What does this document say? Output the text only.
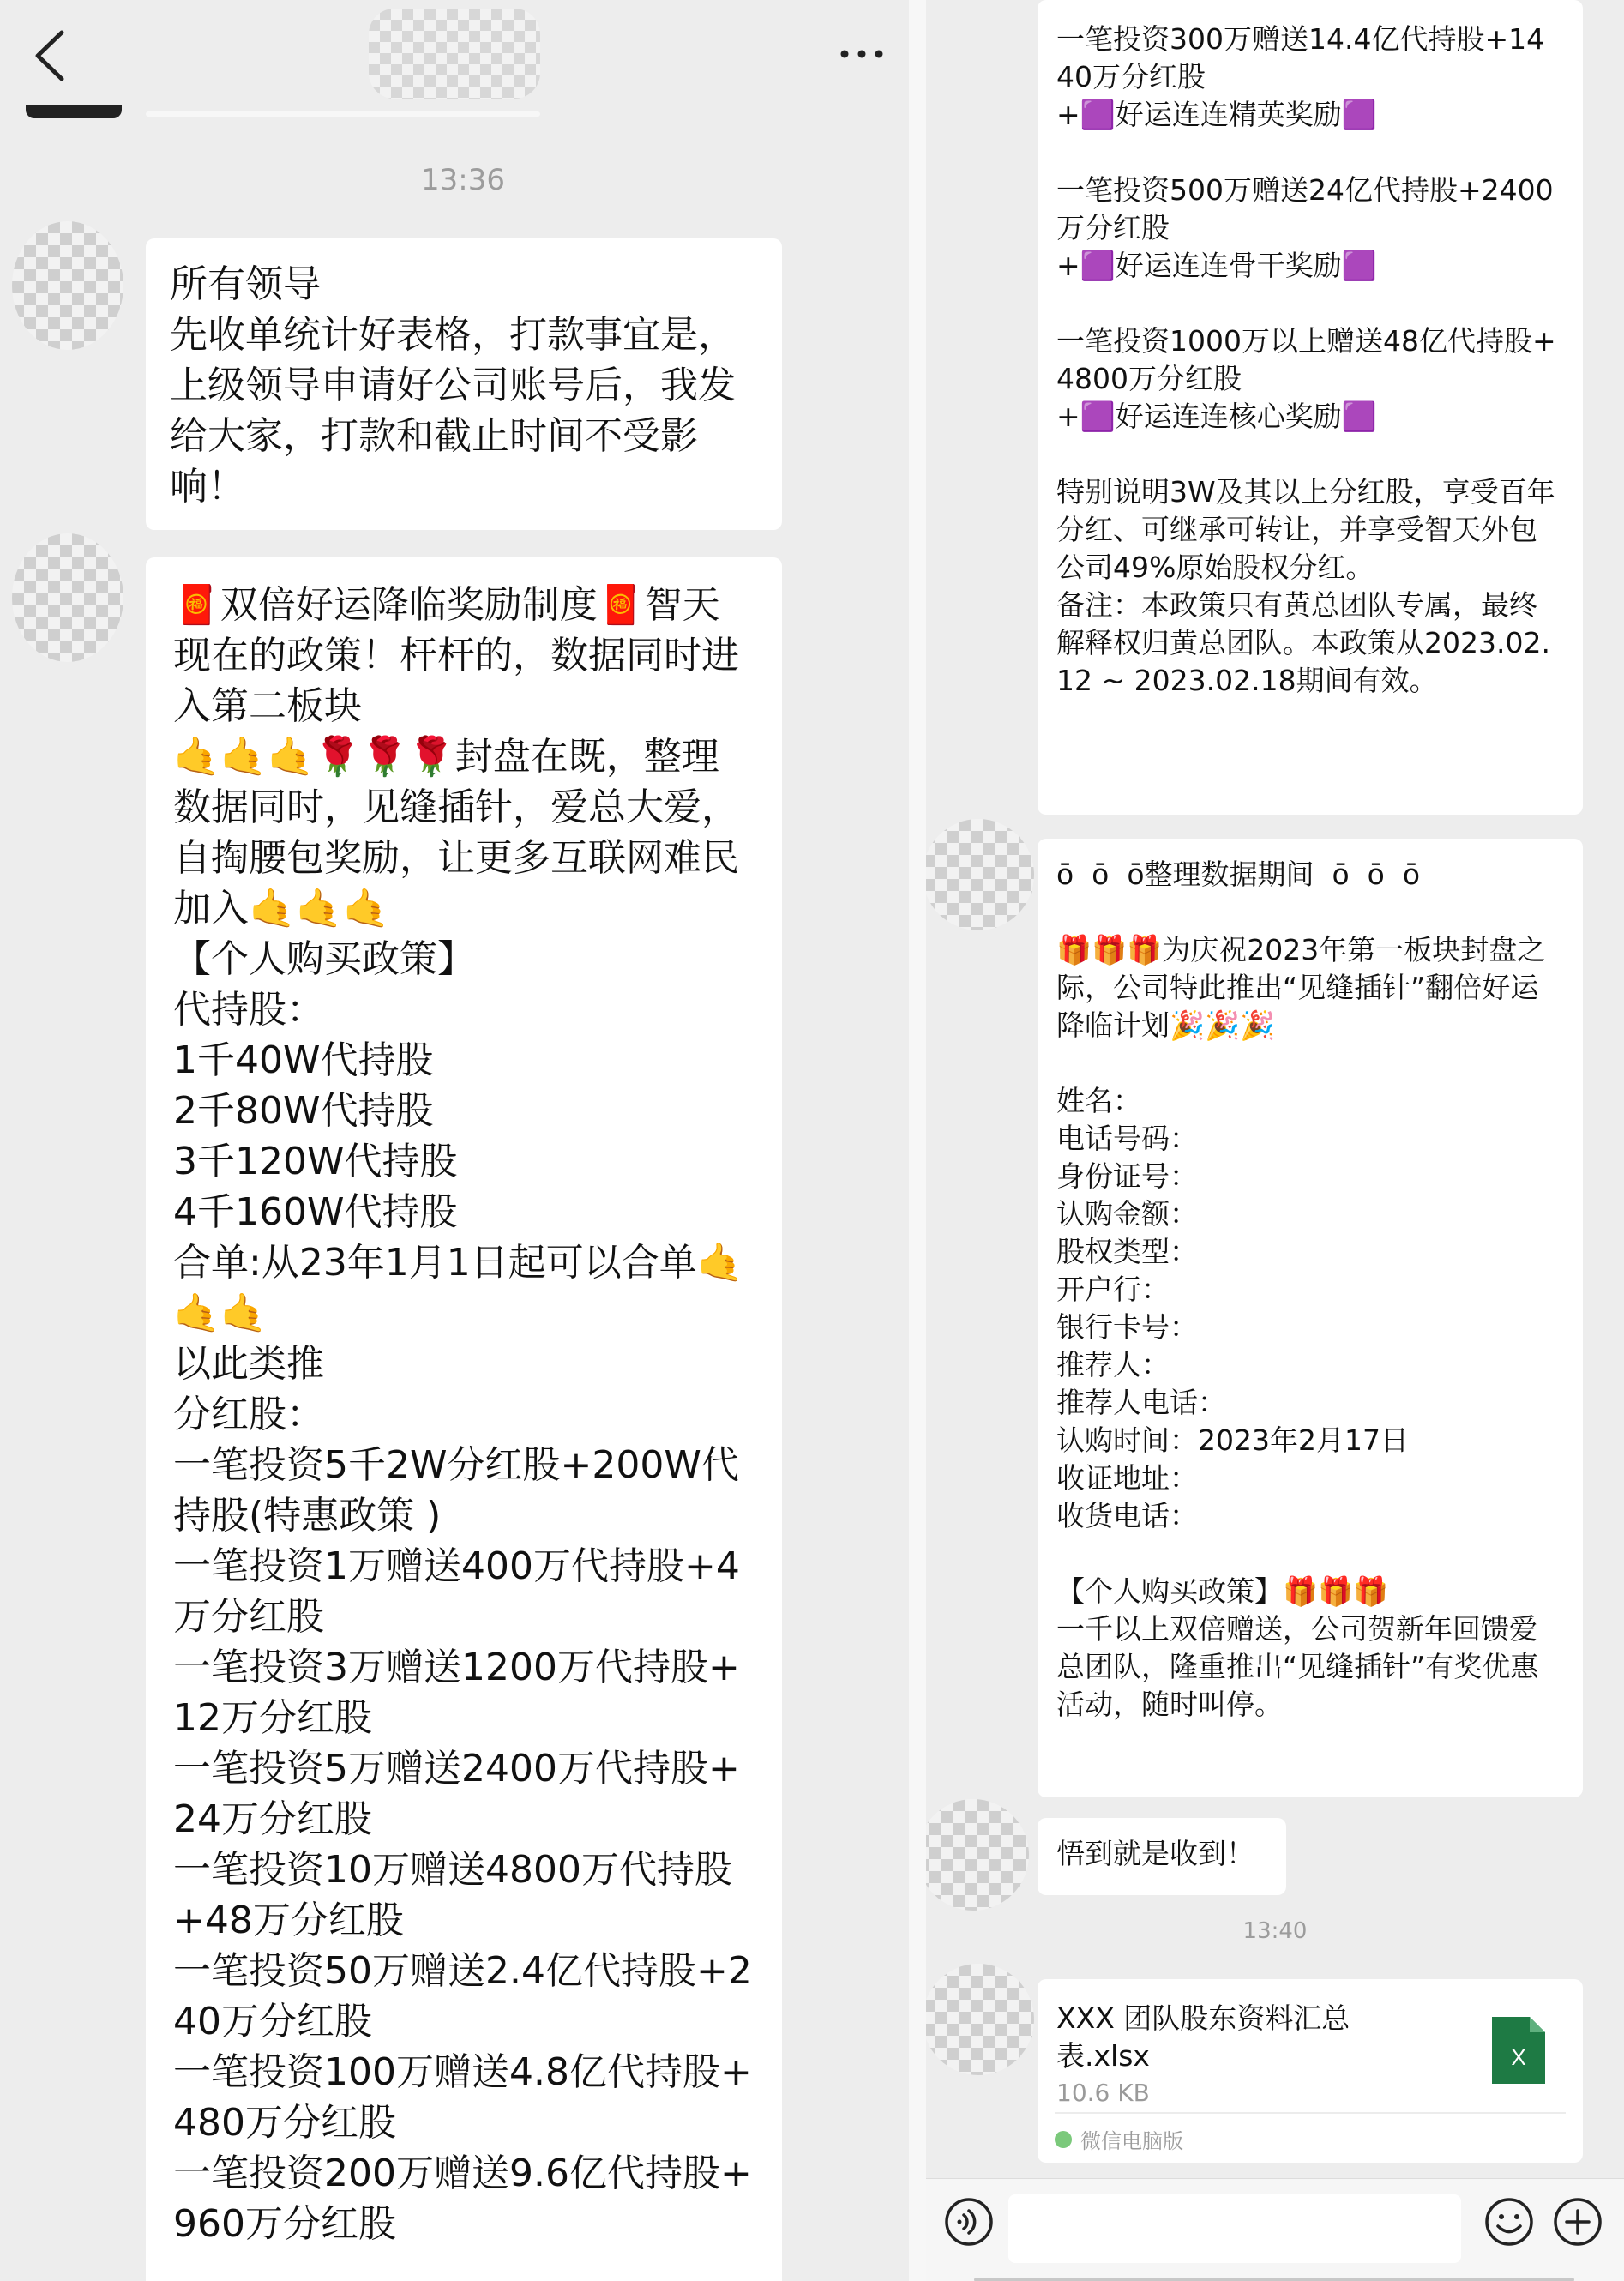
13:36
所有领导
先收单统计好表格，打款事宜是，上级领导申请好公司账号后，我发给大家，打款和截止时间不受影响！
🧧双倍好运降临奖励制度🧧智天现在的政策！杆杆的，数据同时进入第二板块
🤙🤙🤙🌹🌹🌹封盘在既，整理数据同时，见缝插针，爱总大爱，自掏腰包奖励，让更多互联网难民加入🤙🤙🤙
【个人购买政策】
代持股：
1千40W代持股
2千80W代持股
3千120W代持股
4千160W代持股
合单:从23年1月1日起可以合单🤙🤙🤙
以此类推
分红股：
一笔投资5千2W分红股+200W代持股(特惠政策 )
一笔投资1万赠送400万代持股+4万分红股
一笔投资3万赠送1200万代持股+12万分红股
一笔投资5万赠送2400万代持股+24万分红股
一笔投资10万赠送4800万代持股+48万分红股
一笔投资50万赠送2.4亿代持股+240万分红股
一笔投资100万赠送4.8亿代持股+480万分红股
一笔投资200万赠送9.6亿代持股+960万分红股
一笔投资300万赠送14.4亿代持股+1440万分红股
+🟪好运连连精英奖励🟪

一笔投资500万赠送24亿代持股+2400万分红股
+🟪好运连连骨干奖励🟪

一笔投资1000万以上赠送48亿代持股+4800万分红股
+🟪好运连连核心奖励🟪

特别说明3W及其以上分红股，享受百年分红、可继承可转让，并享受智天外包公司49%原始股权分红。
备注：本政策只有黄总团队专属，最终解释权归黄总团队。本政策从2023.02.12 ~ 2023.02.18期间有效。
ō  ō  ō整理数据期间  ō  ō  ō

🎁🎁🎁为庆祝2023年第一板块封盘之际，公司特此推出“见缝插针”翻倍好运降临计划🎉🎉🎉

姓名：
电话号码：
身份证号：
认购金额：
股权类型：
开户行：
银行卡号：
推荐人：
推荐人电话：
认购时间：2023年2月17日
收证地址：
收货电话：

【个人购买政策】🎁🎁🎁
一千以上双倍赠送，公司贺新年回馈爱总团队，隆重推出“见缝插针”有奖优惠活动，随时叫停。
悟到就是收到！
13:40
XXX 团队股东资料汇总表.xlsx
10.6 KB
X
微信电脑版
